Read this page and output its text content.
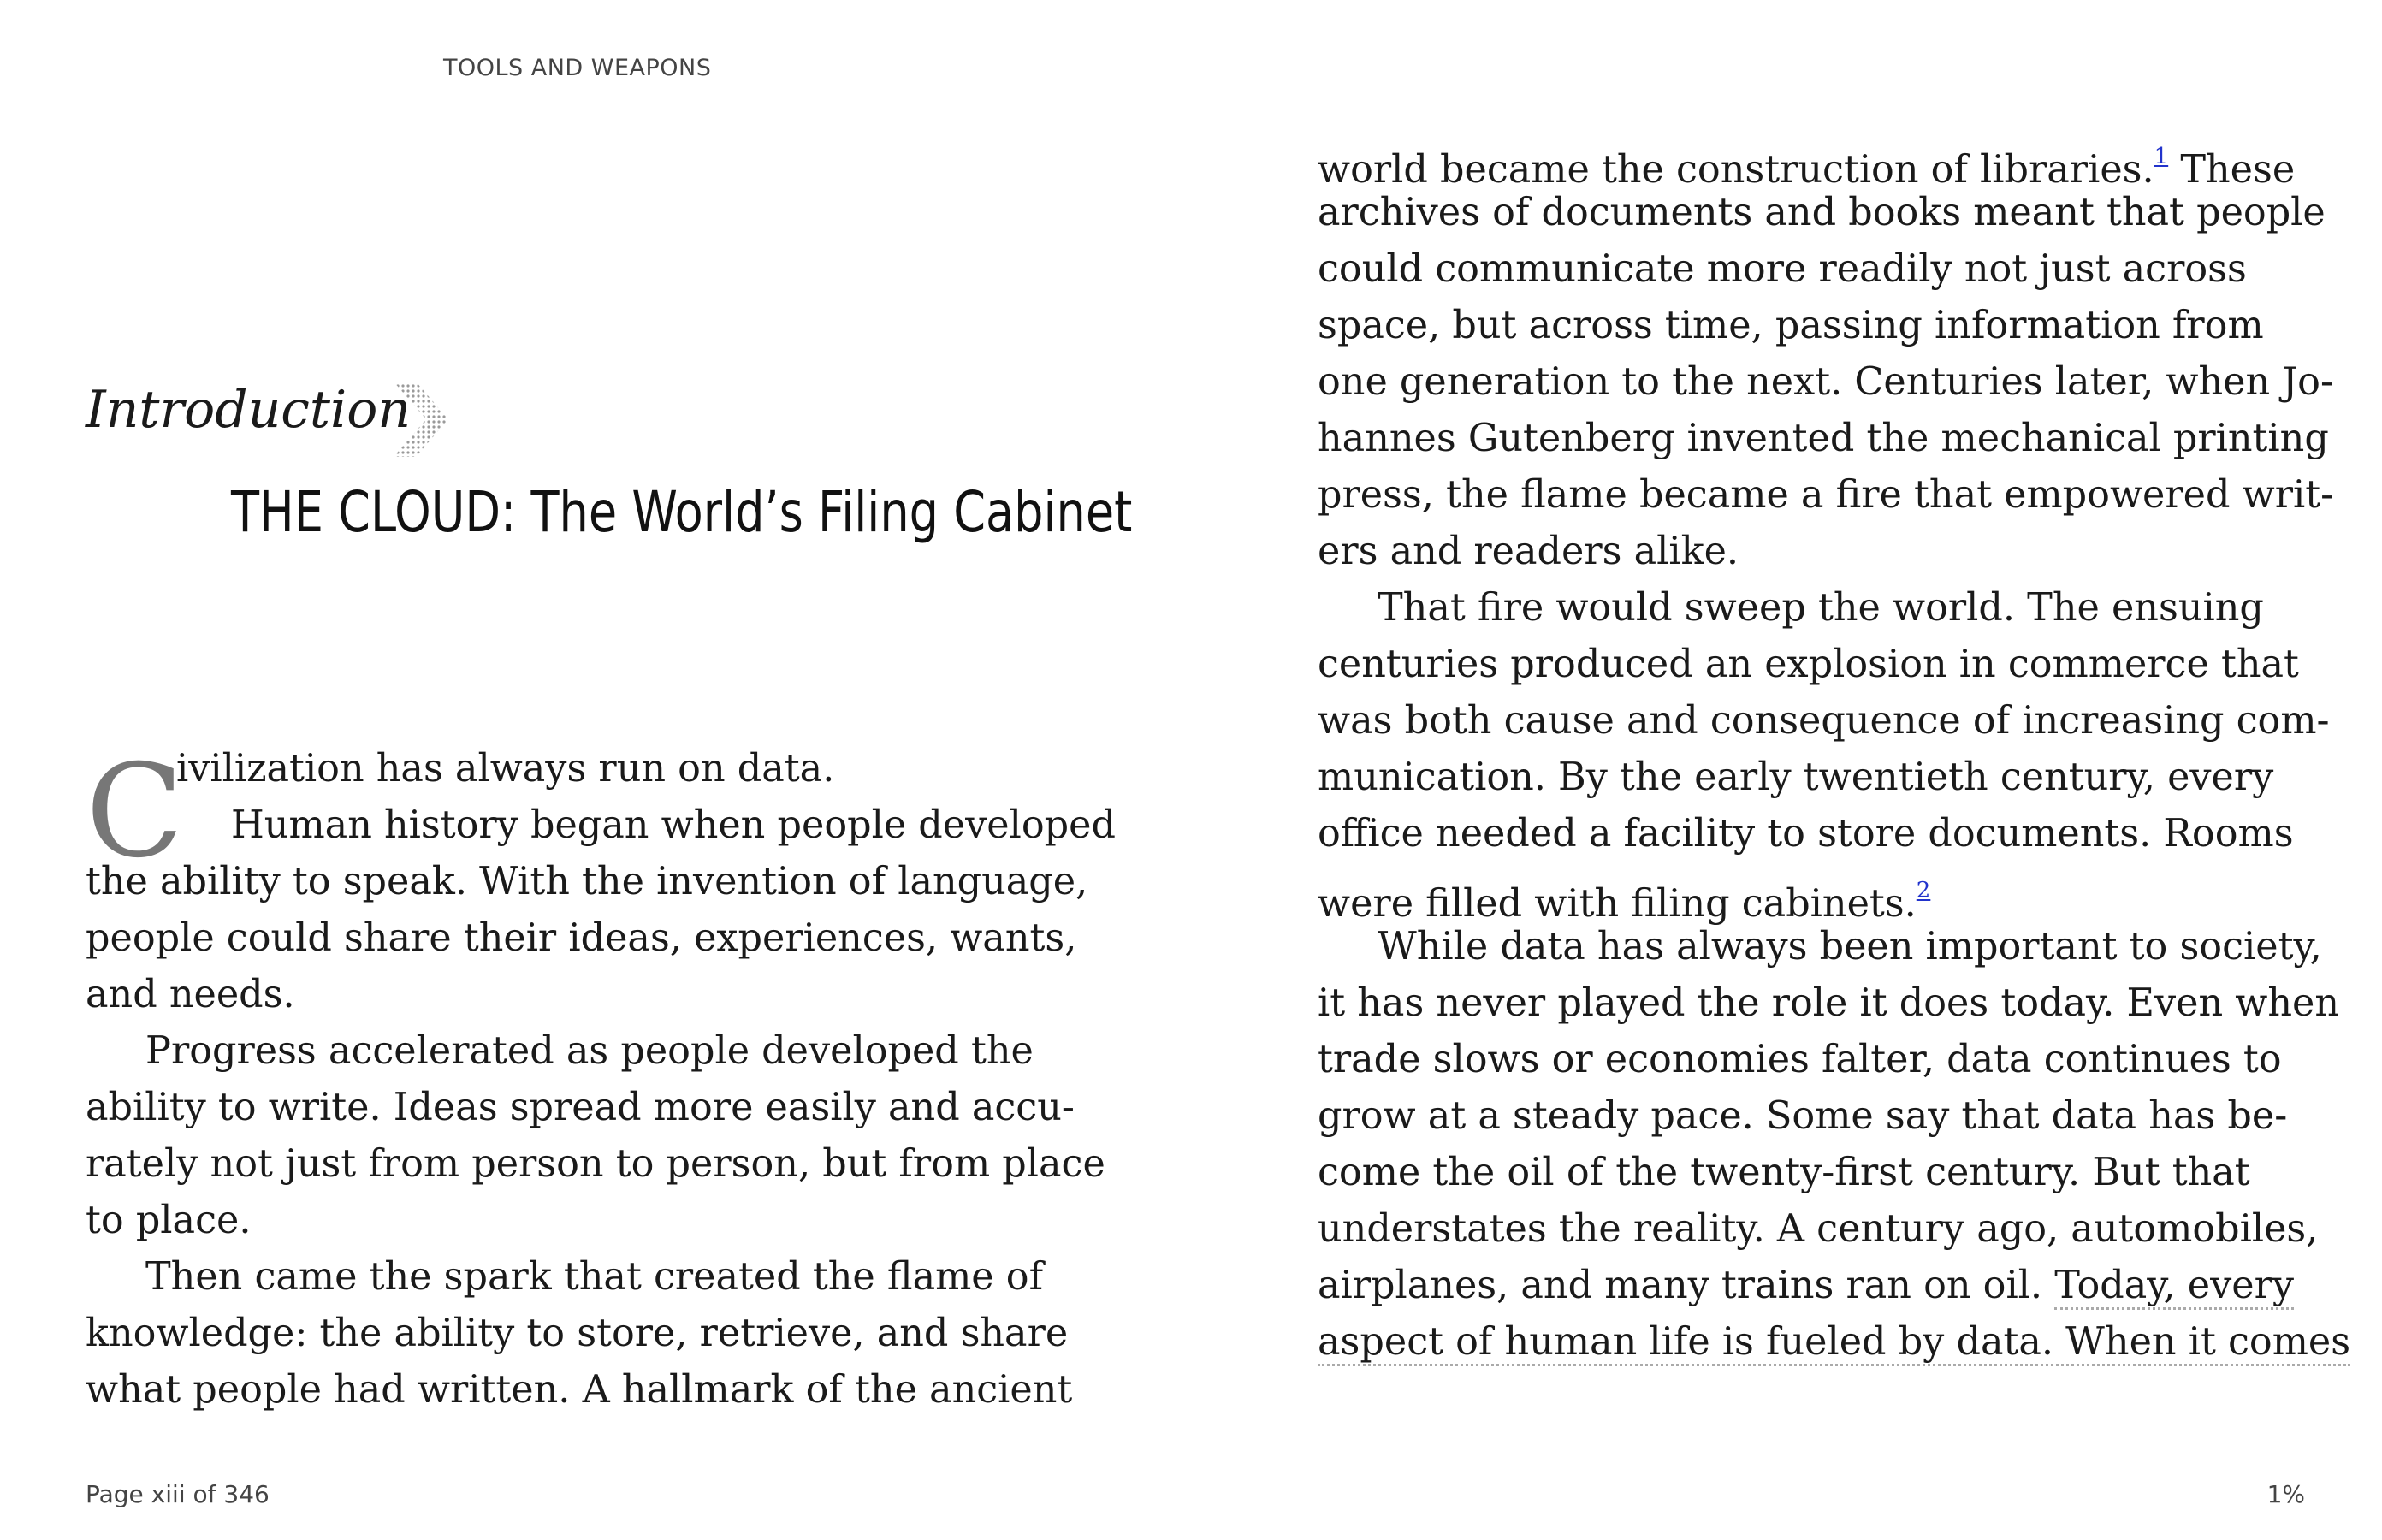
TOOLS AND WEAPONS
Introduction
THE CLOUD: The World’s Filing Cabinet
C
ivilization has always run on data.
Human history began when people developed
the ability to speak. With the invention of language,
people could share their ideas, experiences, wants,
and needs.
Progress accelerated as people developed the
ability to write. Ideas spread more easily and accu-
rately not just from person to person, but from place
to place.
Then came the spark that created the flame of
knowledge: the ability to store, retrieve, and share
what people had written. A hallmark of the ancient
world became the construction of libraries.$^1$ These
archives of documents and books meant that people
could communicate more readily not just across
space, but across time, passing information from
one generation to the next. Centuries later, when Jo-
hannes Gutenberg invented the mechanical printing
press, the flame became a fire that empowered writ-
ers and readers alike.
That fire would sweep the world. The ensuing
centuries produced an explosion in commerce that
was both cause and consequence of increasing com-
munication. By the early twentieth century, every
office needed a facility to store documents. Rooms
were filled with filing cabinets.$^2$
While data has always been important to society,
it has never played the role it does today. Even when
trade slows or economies falter, data continues to
grow at a steady pace. Some say that data has be-
come the oil of the twenty-first century. But that
understates the reality. A century ago, automobiles,
airplanes, and many trains ran on oil. Today, every
aspect of human life is fueled by data. When it comes
Page xiii of 346	1%
